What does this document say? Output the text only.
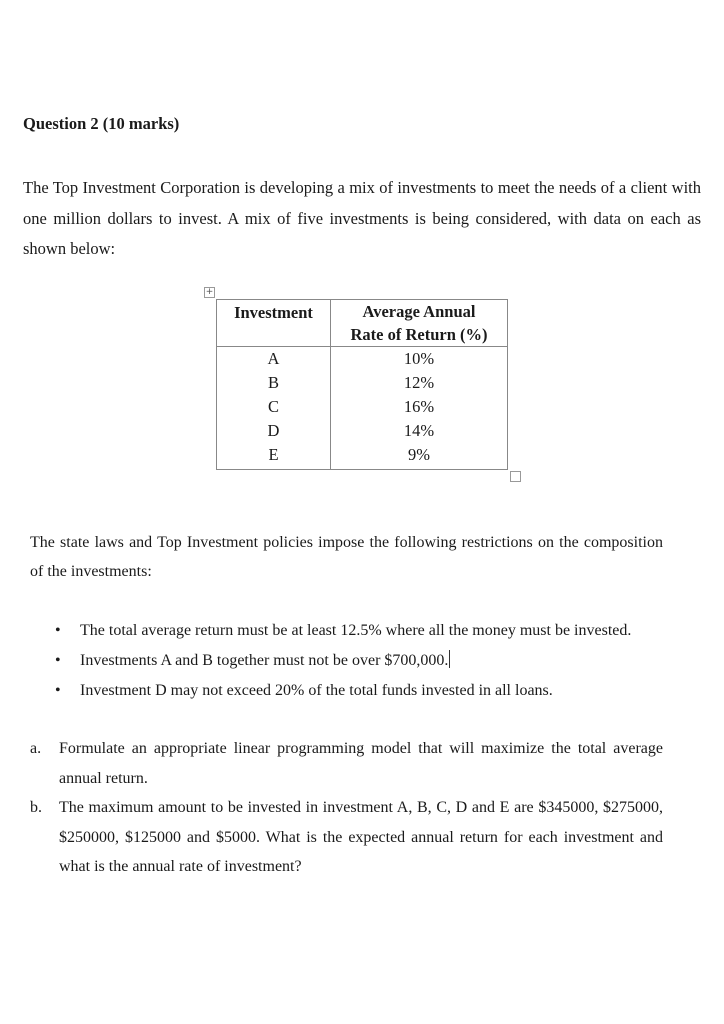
Question 2 (10 marks)

The Top Investment Corporation is developing a mix of investments to meet the needs of a client with one million dollars to invest. A mix of five investments is being considered, with data on each as shown below:

+
Investment	Average Annual
Rate of Return (%)
A	10%
B	12%
C	16%
D	14%
E	9%

The state laws and Top Investment policies impose the following restrictions on the composition of the investments:

• The total average return must be at least 12.5% where all the money must be invested.
• Investments A and B together must not be over $700,000.
• Investment D may not exceed 20% of the total funds invested in all loans.
a. Formulate an appropriate linear programming model that will maximize the total average annual return.
b. The maximum amount to be invested in investment A, B, C, D and E are $345000, $275000, $250000, $125000 and $5000. What is the expected annual return for each investment and what is the annual rate of investment?
